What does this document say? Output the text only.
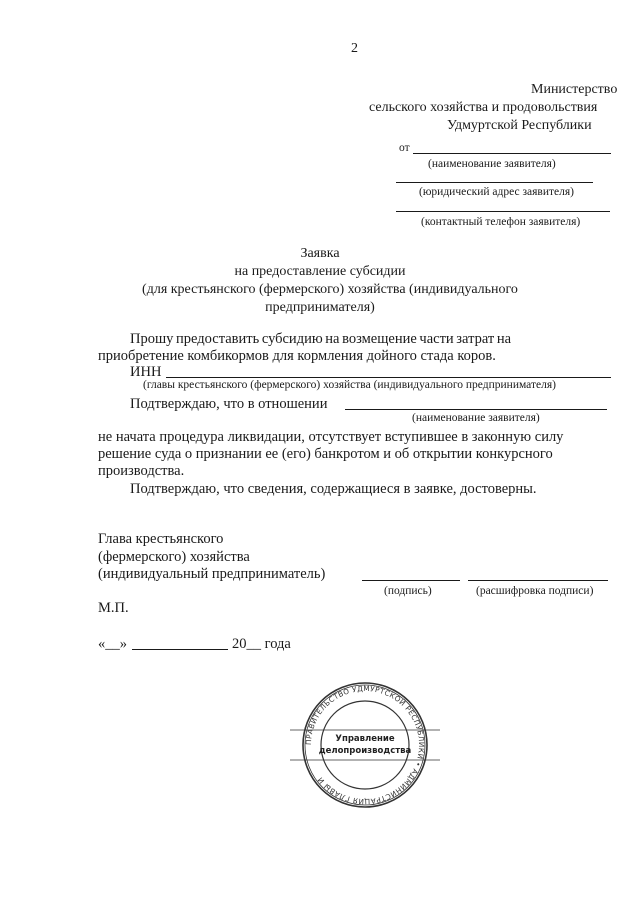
2
Министерство
сельского хозяйства и продовольствия
Удмуртской Республики
от
(наименование заявителя)
(юридический адрес заявителя)
(контактный телефон заявителя)
Заявка
на предоставление субсидии
(для крестьянского (фермерского) хозяйства (индивидуального
предпринимателя)
Прошу предоставить субсидию на возмещение части затрат на
приобретение комбикормов для кормления дойного стада коров.
ИНН
(главы крестьянского (фермерского) хозяйства (индивидуального предпринимателя)
Подтверждаю, что в отношении
(наименование заявителя)
не начата процедура ликвидации, отсутствует вступившее в законную силу
решение суда о признании ее (его) банкротом и об открытии конкурсного
производства.
Подтверждаю, что сведения, содержащиеся в заявке, достоверны.
Глава крестьянского
(фермерского) хозяйства
(индивидуальный предприниматель)
(подпись)	(расшифровка подписи)
М.П.
«__»	20__ года
ПРАВИТЕЛЬСТВО УДМУРТСКОЙ РЕСПУБЛИКИ • АДМИНИСТРАЦИЯ ГЛАВЫ И
Управление
делопроизводства
